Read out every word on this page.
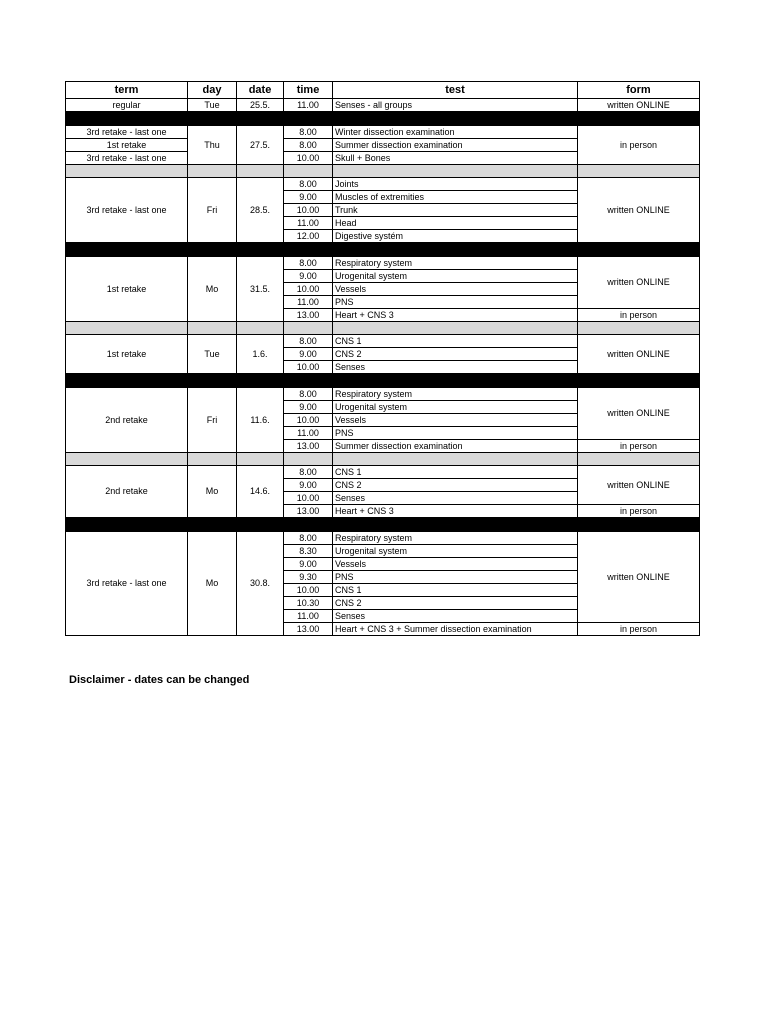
term	day	date	time	test	form

regular	Tue	25.5.	11.00	Senses - all groups	written ONLINE

3rd retake - last one	Thu	27.5.	8.00	Winter dissection examination	in person
1st retake			8.00	Summer dissection examination	
3rd retake - last one			10.00	Skull + Bones	

3rd retake - last one	Fri	28.5.	8.00	Joints	written ONLINE
			9.00	Muscles of extremities	
			10.00	Trunk	
			11.00	Head	
			12.00	Digestive systém	

1st retake	Mo	31.5.	8.00	Respiratory system	written ONLINE
			9.00	Urogenital system	
			10.00	Vessels	
			11.00	PNS	
			13.00	Heart + CNS 3	in person

1st retake	Tue	1.6.	8.00	CNS 1	written ONLINE
			9.00	CNS 2	
			10.00	Senses	

2nd retake	Fri	11.6.	8.00	Respiratory system	written ONLINE
			9.00	Urogenital system	
			10.00	Vessels	
			11.00	PNS	
			13.00	Summer dissection examination	in person

2nd retake	Mo	14.6.	8.00	CNS 1	written ONLINE
			9.00	CNS 2	
			10.00	Senses	
			13.00	Heart + CNS 3	in person

3rd retake - last one	Mo	30.8.	8.00	Respiratory system	written ONLINE
			8.30	Urogenital system	
			9.00	Vessels	
			9.30	PNS	
			10.00	CNS 1	
			10.30	CNS 2	
			11.00	Senses	
			13.00	Heart + CNS 3 + Summer dissection examination	in person
Disclaimer - dates can be changed
